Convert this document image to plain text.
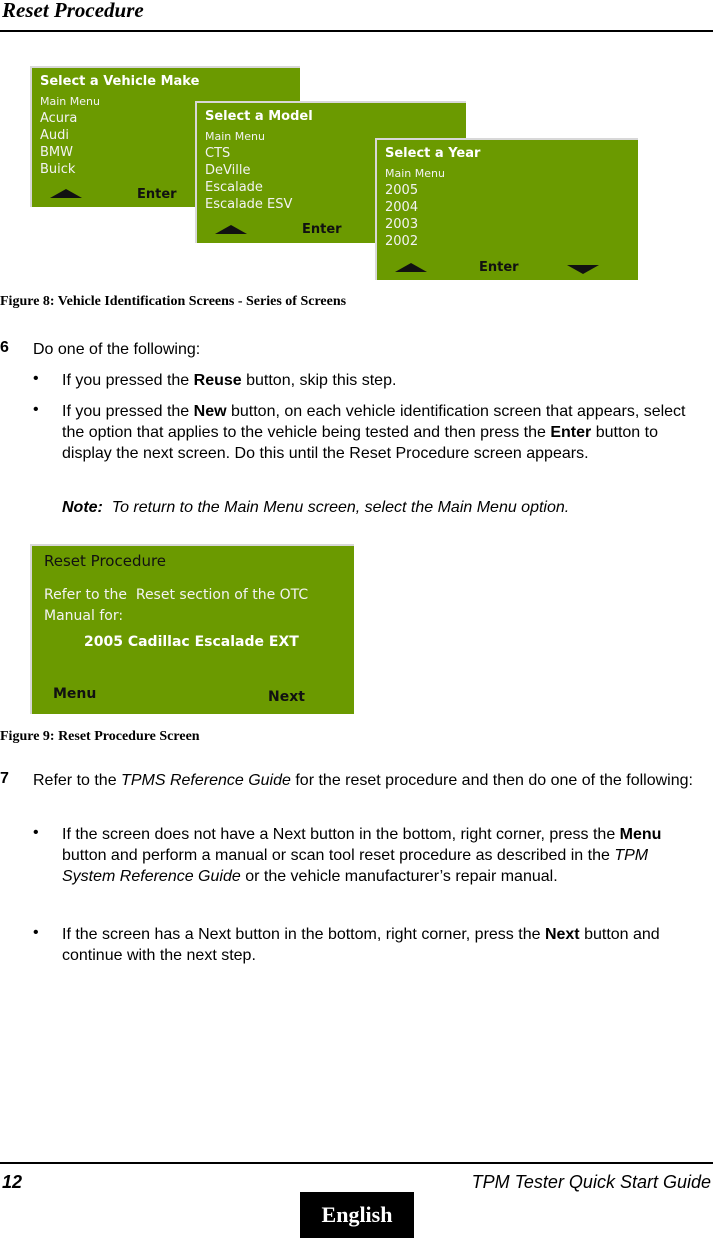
Reset Procedure
Select a Vehicle Make
Main Menu
Acura
Audi
BMW
Buick
Enter
Select a Model
Main Menu
CTS
DeVille
Escalade
Escalade ESV
Enter
Select a Year
Main Menu
2005
2004
2003
2002
Enter
Figure 8: Vehicle Identification Screens - Series of Screens
6 Do one of the following:
• If you pressed the Reuse button, skip this step.
• If you pressed the New button, on each vehicle identification screen that appears, select the option that applies to the vehicle being tested and then press the Enter button to display the next screen. Do this until the Reset Procedure screen appears.
Note: To return to the Main Menu screen, select the Main Menu option.
Reset Procedure
Refer to the  Reset section of the OTC
Manual for:
2005 Cadillac Escalade EXT
Menu	Next
Figure 9: Reset Procedure Screen
7 Refer to the TPMS Reference Guide for the reset procedure and then do one of the following:
• If the screen does not have a Next button in the bottom, right corner, press the Menu button and perform a manual or scan tool reset procedure as described in the TPM System Reference Guide or the vehicle manufacturer’s repair manual.
• If the screen has a Next button in the bottom, right corner, press the Next button and continue with the next step.
12	TPM Tester Quick Start Guide
English
